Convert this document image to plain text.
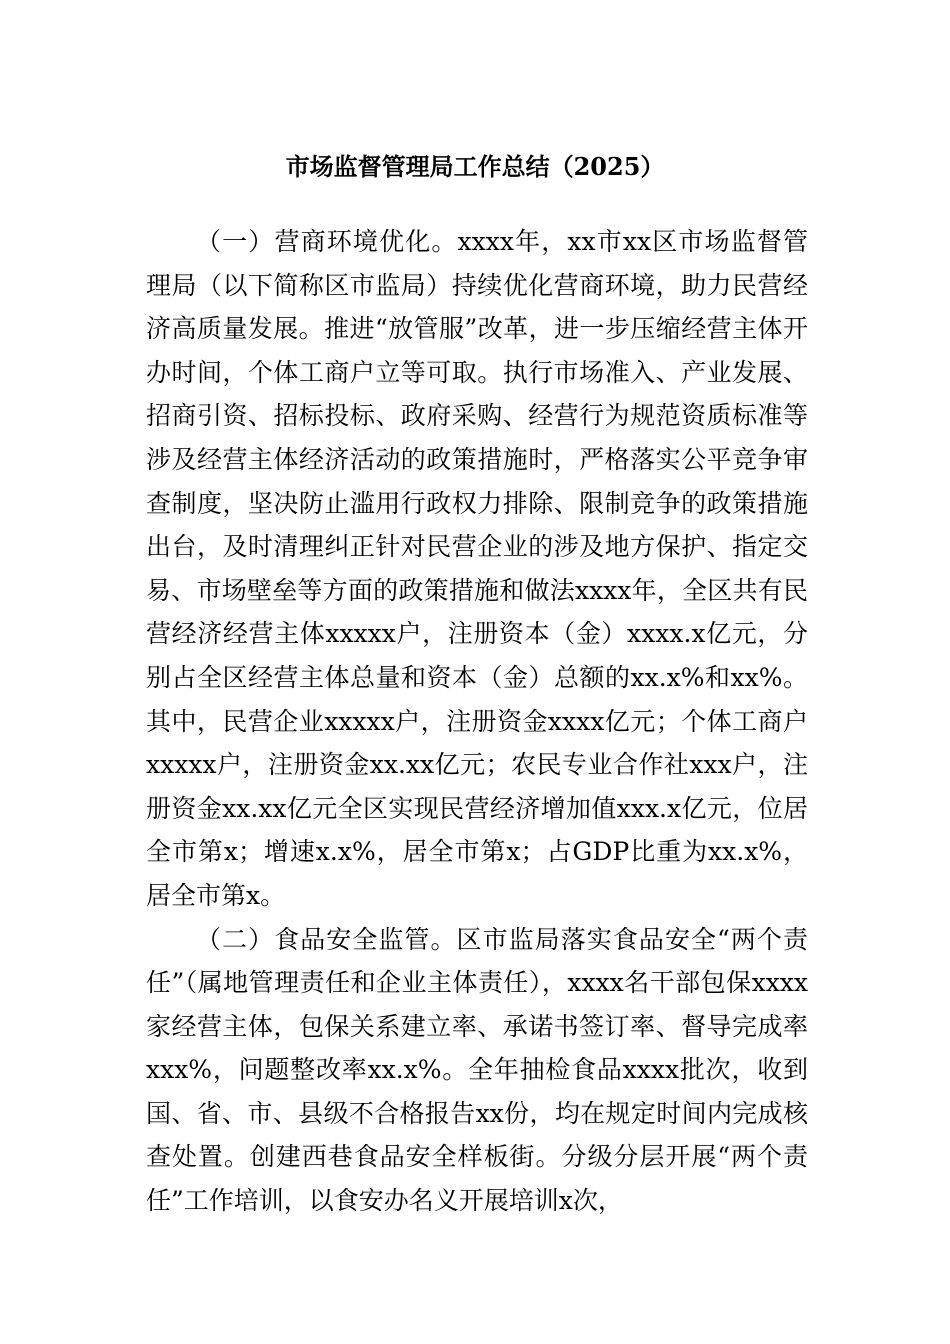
市场监督管理局工作总结（2025）

（一）营商环境优化。xxxx年，xx市xx区市场监督管理局（以下简称区市监局）持续优化营商环境，助力民营经济高质量发展。推进“放管服”改革，进一步压缩经营主体开办时间，个体工商户立等可取。执行市场准入、产业发展、招商引资、招标投标、政府采购、经营行为规范资质标准等涉及经营主体经济活动的政策措施时，严格落实公平竞争审查制度，坚决防止滥用行政权力排除、限制竞争的政策措施出台，及时清理纠正针对民营企业的涉及地方保护、指定交易、市场壁垒等方面的政策措施和做法xxxx年，全区共有民营经济经营主体xxxxx户，注册资本（金）xxxx.x亿元，分别占全区经营主体总量和资本（金）总额的xx.x%和xx%。其中，民营企业xxxxx户，注册资金xxxx亿元；个体工商户xxxxx户，注册资金xx.xx亿元；农民专业合作社xxx户，注册资金xx.xx亿元全区实现民营经济增加值xxx.x亿元，位居全市第x；增速x.x%，居全市第x；占GDP比重为xx.x%，居全市第x。

（二）食品安全监管。区市监局落实食品安全“两个责任”（属地管理责任和企业主体责任），xxxx名干部包保xxxx家经营主体，包保关系建立率、承诺书签订率、督导完成率xxx%，问题整改率xx.x%。全年抽检食品xxxx批次，收到国、省、市、县级不合格报告xx份，均在规定时间内完成核查处置。创建西巷食品安全样板街。分级分层开展“两个责任”工作培训，以食安办名义开展培训x次，
